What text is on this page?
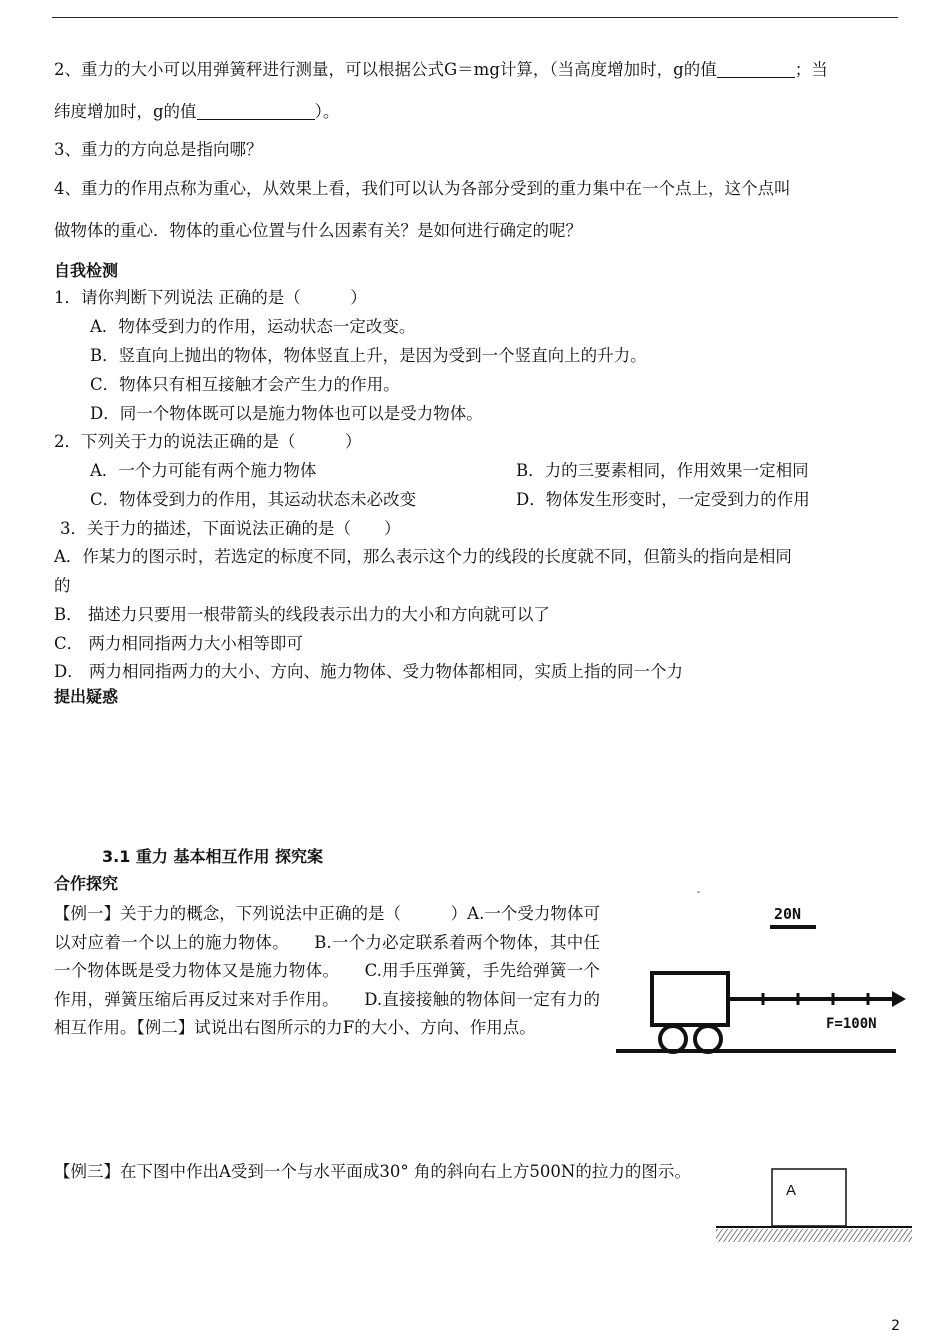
2、重力的大小可以用弹簧秤进行测量，可以根据公式G＝mg计算，（当高度增加时，g的值	；当
纬度增加时，g的值	）。
3、重力的方向总是指向哪？
4、重力的作用点称为重心，从效果上看，我们可以认为各部分受到的重力集中在一个点上，这个点叫
做物体的重心．物体的重心位置与什么因素有关？是如何进行确定的呢？
自我检测
1．请你判断下列说法 正确的是（　　　）
A．物体受到力的作用，运动状态一定改变。
B．竖直向上抛出的物体，物体竖直上升，是因为受到一个竖直向上的升力。
C．物体只有相互接触才会产生力的作用。
D．同一个物体既可以是施力物体也可以是受力物体。
2．下列关于力的说法正确的是（　　　）
A．一个力可能有两个施力物体	B．力的三要素相同，作用效果一定相同
C．物体受到力的作用，其运动状态未必改变	D．物体发生形变时，一定受到力的作用
3．关于力的描述，下面说法正确的是（　　）
A．作某力的图示时，若选定的标度不同，那么表示这个力的线段的长度就不同，但箭头的指向是相同
的
B． 描述力只要用一根带箭头的线段表示出力的大小和方向就可以了
C． 两力相同指两力大小相等即可
D． 两力相同指两力的大小、方向、施力物体、受力物体都相同，实质上指的同一个力
提出疑惑
3.1 重力 基本相互作用 探究案
合作探究
【例一】关于力的概念，下列说法中正确的是（　　　）A.一个受力物体可以对应着一个以上的施力物体。　　B.一个力必定联系着两个物体，其中任一个物体既是受力物体又是施力物体。　　C.用手压弹簧，手先给弹簧一个作用，弹簧压缩后再反过来对手作用。　　D.直接接触的物体间一定有力的相互作用。【例二】试说出右图所示的力F的大小、方向、作用点。
ˇ
20N
F=100N
【例三】在下图中作出A受到一个与水平面成30° 角的斜向右上方500N的拉力的图示。
A
2
